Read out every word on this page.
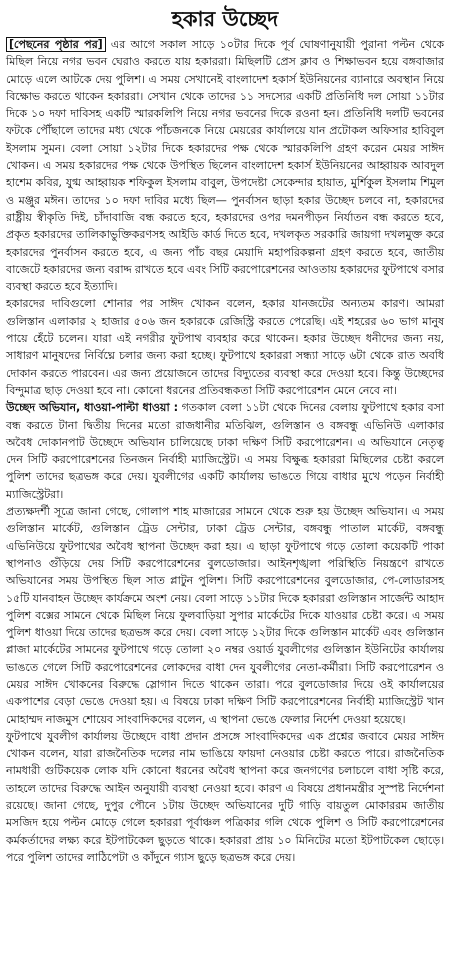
হকার উচ্ছেদ

[পেছনের পৃষ্ঠার পর] এর আগে সকাল সাড়ে ১০টার দিকে পূর্ব ঘোষণানুযায়ী পুরানা পল্টন থেকে মিছিল নিয়ে নগর ভবন ঘেরাও করতে যায় হকাররা। মিছিলটি প্রেস ক্লাব ও শিক্ষাভবন হয়ে বঙ্গবাজার মোড়ে এলে আটকে দেয় পুলিশ। এ সময় সেখানেই বাংলাদেশ হকার্স ইউনিয়নের ব্যানারে অবস্থান নিয়ে বিক্ষোভ করতে থাকেন হকাররা। সেখান থেকে তাদের ১১ সদস্যের একটি প্রতিনিধি দল সোয়া ১১টার দিকে ১০ দফা দাবিসহ একটি স্মারকলিপি নিয়ে নগর ভবনের দিকে রওনা হন। প্রতিনিধি দলটি ভবনের ফটকে পৌঁছালে তাদের মধ্য থেকে পাঁচজনকে নিয়ে মেয়রের কার্যালয়ে যান প্রটোকল অফিসার হাবিবুল ইসলাম সুমন। বেলা সোয়া ১২টার দিকে হকারদের পক্ষ থেকে স্মারকলিপি গ্রহণ করেন মেয়র সাঈদ খোকন। এ সময় হকারদের পক্ষ থেকে উপস্থিত ছিলেন বাংলাদেশ হকার্স ইউনিয়নের আহ্বায়ক আবদুল হাশেম কবির, যুগ্ম আহ্বায়ক শফিকুল ইসলাম বাবুল, উপদেষ্টা সেকেন্দার হায়াত, মুর্শিকুল ইসলাম শিমুল ও মঞ্জুর মঈন। তাদের ১০ দফা দাবির মধ্যে ছিল— পুনর্বাসন ছাড়া হকার উচ্ছেদ চলবে না, হকারদের রাষ্ট্রীয় স্বীকৃতি দিই, চাঁদাবাজি বন্ধ করতে হবে, হকারদের ওপর দমনপীড়ন নির্যাতন বন্ধ করতে হবে, প্রকৃত হকারদের তালিকাভুক্তিকরণসহ আইডি কার্ড দিতে হবে, দখলকৃত সরকারি জায়গা দখলমুক্ত করে হকারদের পুনর্বাসন করতে হবে, এ জন্য পাঁচ বছর মেয়াদি মহাপরিকল্পনা গ্রহণ করতে হবে, জাতীয় বাজেটে হকারদের জন্য বরাদ্দ রাখতে হবে এবং সিটি করপোরেশনের আওতায় হকারদের ফুটপাথে বসার ব্যবস্থা করতে হবে ইত্যাদি।

হকারদের দাবিগুলো শোনার পর সাঈদ খোকন বলেন, হকার যানজটের অন্যতম কারণ। আমরা গুলিস্তান এলাকার ২ হাজার ৫০৬ জন হকারকে রেজিস্ট্রি করতে পেরেছি। এই শহরের ৬০ ভাগ মানুষ পায়ে হেঁটে চলেন। যারা এই নগরীর ফুটপাথ ব্যবহার করে থাকেন। হকার উচ্ছেদ ধনীদের জন্য নয়, সাধারণ মানুষদের নির্বিঘ্নে চলার জন্য করা হচ্ছে। ফুটপাথে হকাররা সন্ধ্যা সাড়ে ৬টা থেকে রাত অবধি দোকান করতে পারবেন। এর জন্য প্রয়োজনে তাদের বিদ্যুতের ব্যবস্থা করে দেওয়া হবে। কিন্তু উচ্ছেদের বিন্দুমাত্র ছাড় দেওয়া হবে না। কোনো ধরনের প্রতিবন্ধকতা সিটি করপোরেশন মেনে নেবে না।

উচ্ছেদ অভিযান, ধাওয়া-পাল্টা ধাওয়া : গতকাল বেলা ১১টা থেকে দিনের বেলায় ফুটপাথে হকার বসা বন্ধ করতে টানা দ্বিতীয় দিনের মতো রাজধানীর মতিঝিল, গুলিস্তান ও বঙ্গবন্ধু এভিনিউ এলাকার অবৈধ দোকানপাট উচ্ছেদে অভিযান চালিয়েছে ঢাকা দক্ষিণ সিটি করপোরেশন। এ অভিযানে নেতৃত্ব দেন সিটি করপোরেশনের তিনজন নির্বাহী ম্যাজিস্ট্রেট। এ সময় বিক্ষুব্ধ হকাররা মিছিলের চেষ্টা করলে পুলিশ তাদের ছত্রভঙ্গ করে দেয়। যুবলীগের একটি কার্যালয় ভাঙতে গিয়ে বাধার মুখে পড়েন নির্বাহী ম্যাজিস্ট্রেটরা।

প্রত্যক্ষদর্শী সূত্রে জানা গেছে, গোলাপ শাহ মাজারের সামনে থেকে শুরু হয় উচ্ছেদ অভিযান। এ সময় গুলিস্তান মার্কেট, গুলিস্তান ট্রেড সেন্টার, ঢাকা ট্রেড সেন্টার, বঙ্গবন্ধু পাতাল মার্কেট, বঙ্গবন্ধু এভিনিউয়ে ফুটপাথের অবৈধ স্থাপনা উচ্ছেদ করা হয়। এ ছাড়া ফুটপাথে গড়ে তোলা কয়েকটি পাকা স্থাপনাও গুঁড়িয়ে দেয় সিটি করপোরেশনের বুলডোজার। আইনশৃঙ্খলা পরিস্থিতি নিয়ন্ত্রণে রাখতে অভিযানের সময় উপস্থিত ছিল সাত প্লাটুন পুলিশ। সিটি করপোরেশনের বুলডোজার, পে-লোডারসহ ১৫টি যানবাহন উচ্ছেদ কার্যক্রমে অংশ নেয়। বেলা সাড়ে ১১টার দিকে হকাররা গুলিস্তান সার্জেন্ট আহাদ পুলিশ বক্সের সামনে থেকে মিছিল নিয়ে ফুলবাড়িয়া সুপার মার্কেটের দিকে যাওয়ার চেষ্টা করে। এ সময় পুলিশ ধাওয়া দিয়ে তাদের ছত্রভঙ্গ করে দেয়। বেলা সাড়ে ১২টার দিকে গুলিস্তান মার্কেট এবং গুলিস্তান প্লাজা মার্কেটের সামনের ফুটপাথে গড়ে তোলা ২০ নম্বর ওয়ার্ড যুবলীগের গুলিস্তান ইউনিটের কার্যালয় ভাঙতে গেলে সিটি করপোরেশনের লোকদের বাধা দেন যুবলীগের নেতা-কর্মীরা। সিটি করপোরেশন ও মেয়র সাঈদ খোকনের বিরুদ্ধে স্লোগান দিতে থাকেন তারা। পরে বুলডোজার দিয়ে ওই কার্যালয়ের একপাশের বেড়া ভেঙে দেওয়া হয়। এ বিষয়ে ঢাকা দক্ষিণ সিটি করপোরেশনের নির্বাহী ম্যাজিস্ট্রেট খান মোহাম্মদ নাজমুস শোয়েব সাংবাদিকদের বলেন, এ স্থাপনা ভেঙে ফেলার নির্দেশ দেওয়া হয়েছে।

ফুটপাথে যুবলীগ কার্যালয় উচ্ছেদে বাধা প্রদান প্রসঙ্গে সাংবাদিকদের এক প্রশ্নের জবাবে মেয়র সাঈদ খোকন বলেন, যারা রাজনৈতিক দলের নাম ভাঙিয়ে ফায়দা নেওয়ার চেষ্টা করতে পারে। রাজনৈতিক নামধারী গুটিকয়েক লোক যদি কোনো ধরনের অবৈধ স্থাপনা করে জনগণের চলাচলে বাধা সৃষ্টি করে, তাহলে তাদের বিরুদ্ধে আইন অনুযায়ী ব্যবস্থা নেওয়া হবে। কারণ এ বিষয়ে প্রধানমন্ত্রীর সুস্পষ্ট নির্দেশনা রয়েছে। জানা গেছে, দুপুর পৌনে ১টায় উচ্ছেদ অভিযানের দুটি গাড়ি বায়তুল মোকাররম জাতীয় মসজিদ হয়ে পল্টন মোড়ে গেলে হকাররা পূর্বাঞ্চল পত্রিকার গলি থেকে পুলিশ ও সিটি করপোরেশনের কর্মকর্তাদের লক্ষ্য করে ইটপাটকেল ছুড়তে থাকে। হকাররা প্রায় ১০ মিনিটের মতো ইটপাটকেল ছোড়ে। পরে পুলিশ তাদের লাঠিপেটা ও কাঁদুনে গ্যাস ছুড়ে ছত্রভঙ্গ করে দেয়।
